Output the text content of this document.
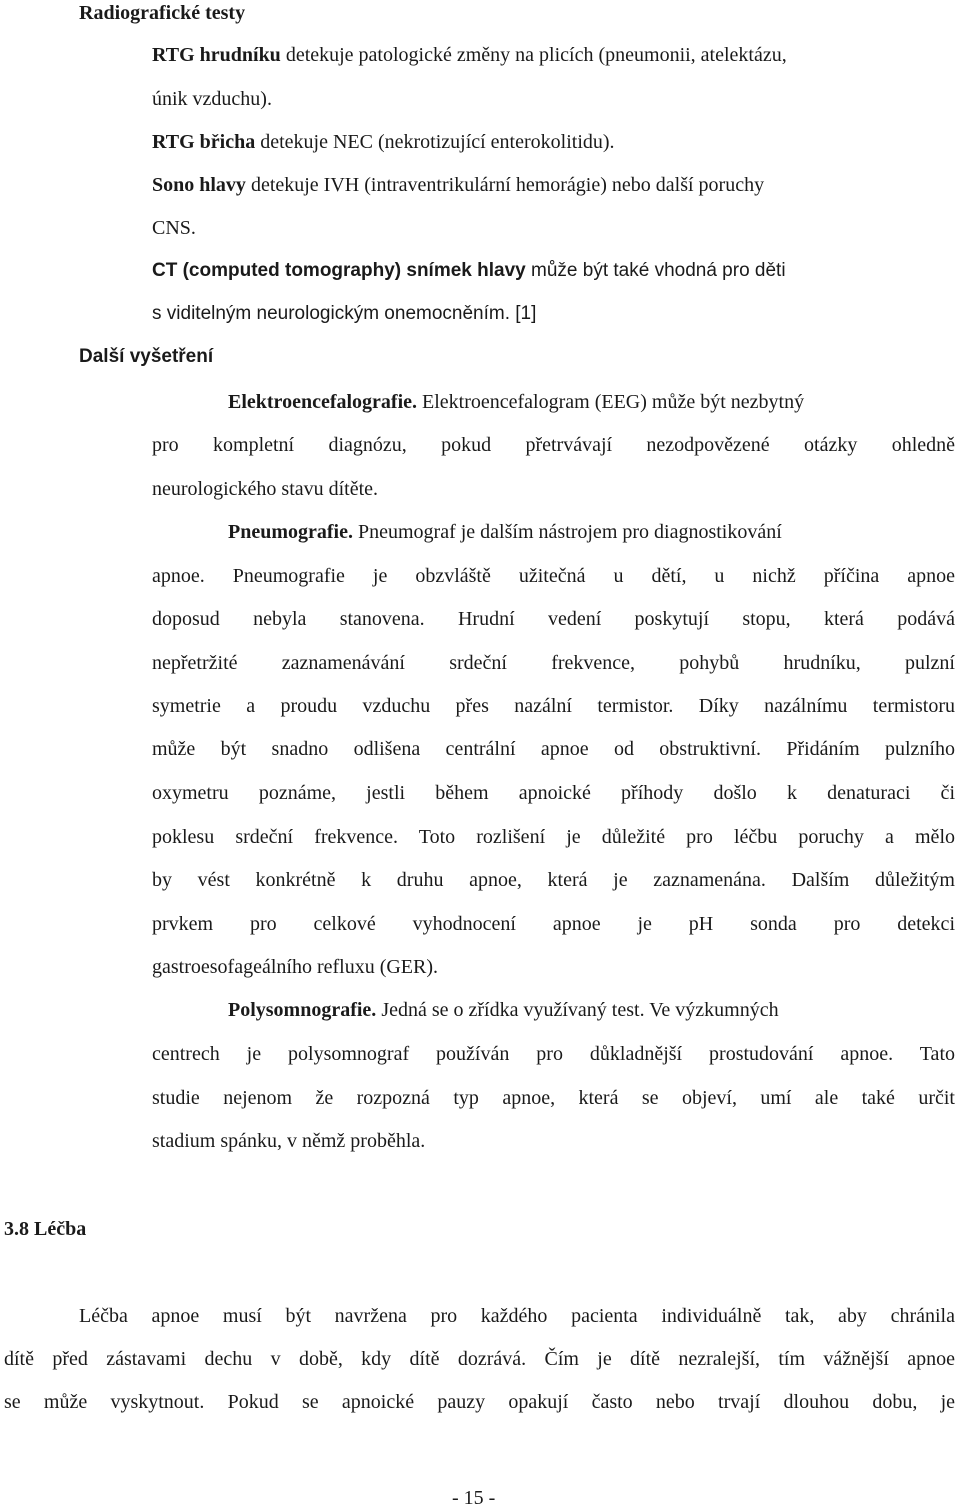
Radiografické testy
RTG hrudníku detekuje patologické změny na plicích (pneumonii, atelektázu,
únik vzduchu).
RTG břicha detekuje NEC (nekrotizující enterokolitidu).
Sono hlavy detekuje IVH (intraventrikulární hemorágie) nebo další poruchy
CNS.
CT (computed tomography) snímek hlavy může být také vhodná pro děti
s viditelným neurologickým onemocněním. [1]
Další vyšetření
Elektroencefalografie. Elektroencefalogram (EEG) může být nezbytný
pro kompletní diagnózu, pokud přetrvávají nezodpovězené otázky ohledně
neurologického stavu dítěte.
Pneumografie. Pneumograf je dalším nástrojem pro diagnostikování
apnoe. Pneumografie je obzvláště užitečná u dětí, u nichž příčina apnoe
doposud nebyla stanovena. Hrudní vedení poskytují stopu, která podává
nepřetržité zaznamenávání srdeční frekvence, pohybů hrudníku, pulzní
symetrie a proudu vzduchu přes nazální termistor. Díky nazálnímu termistoru
může být snadno odlišena centrální apnoe od obstruktivní. Přidáním pulzního
oxymetru poznáme, jestli během apnoické příhody došlo k denaturaci či
poklesu srdeční frekvence. Toto rozlišení je důležité pro léčbu poruchy a mělo
by vést konkrétně k druhu apnoe, která je zaznamenána. Dalším důležitým
prvkem pro celkové vyhodnocení apnoe je pH sonda pro detekci
gastroesofageálního refluxu (GER).
Polysomnografie. Jedná se o zřídka využívaný test. Ve výzkumných
centrech je polysomnograf používán pro důkladnější prostudování apnoe. Tato
studie nejenom že rozpozná typ apnoe, která se objeví, umí ale také určit
stadium spánku, v němž proběhla.
3.8 Léčba
Léčba apnoe musí být navržena pro každého pacienta individuálně tak, aby chránila
dítě před zástavami dechu v době, kdy dítě dozrává. Čím je dítě nezralejší, tím vážnější apnoe
se může vyskytnout. Pokud se apnoické pauzy opakují často nebo trvají dlouhou dobu, je
- 15 -
